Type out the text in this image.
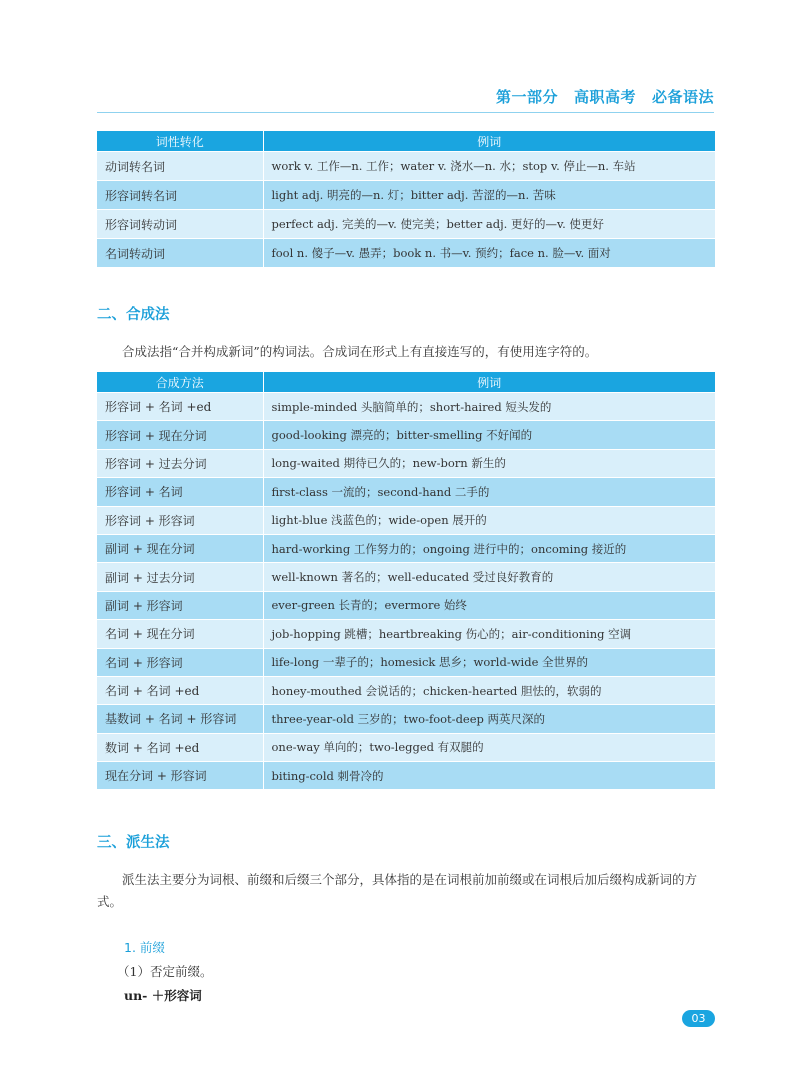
第一部分 高职高考 必备语法
词性转化	例词
动词转名词	work v. 工作—n. 工作；water v. 浇水—n. 水；stop v. 停止—n. 车站
形容词转名词	light adj. 明亮的—n. 灯；bitter adj. 苦涩的—n. 苦味
形容词转动词	perfect adj. 完美的—v. 使完美；better adj. 更好的—v. 使更好
名词转动词	fool n. 傻子—v. 愚弄；book n. 书—v. 预约；face n. 脸—v. 面对
二、合成法

合成法指“合并构成新词”的构词法。合成词在形式上有直接连写的，有使用连字符的。

合成方法	例词
形容词 + 名词 +ed	simple-minded 头脑简单的；short-haired 短头发的
形容词 + 现在分词	good-looking 漂亮的；bitter-smelling 不好闻的
形容词 + 过去分词	long-waited 期待已久的；new-born 新生的
形容词 + 名词	first-class 一流的；second-hand 二手的
形容词 + 形容词	light-blue 浅蓝色的；wide-open 展开的
副词 + 现在分词	hard-working 工作努力的；ongoing 进行中的；oncoming 接近的
副词 + 过去分词	well-known 著名的；well-educated 受过良好教育的
副词 + 形容词	ever-green 长青的；evermore 始终
名词 + 现在分词	job-hopping 跳槽；heartbreaking 伤心的；air-conditioning 空调
名词 + 形容词	life-long 一辈子的；homesick 思乡；world-wide 全世界的
名词 + 名词 +ed	honey-mouthed 会说话的；chicken-hearted 胆怯的，软弱的
基数词 + 名词 + 形容词	three-year-old 三岁的；two-foot-deep 两英尺深的
数词 + 名词 +ed	one-way 单向的；two-legged 有双腿的
现在分词 + 形容词	biting-cold 刺骨冷的
三、派生法

派生法主要分为词根、前缀和后缀三个部分，具体指的是在词根前加前缀或在词根后加后缀构成新词的方式。

1. 前缀
（1）否定前缀。
un- ＋形容词
03
